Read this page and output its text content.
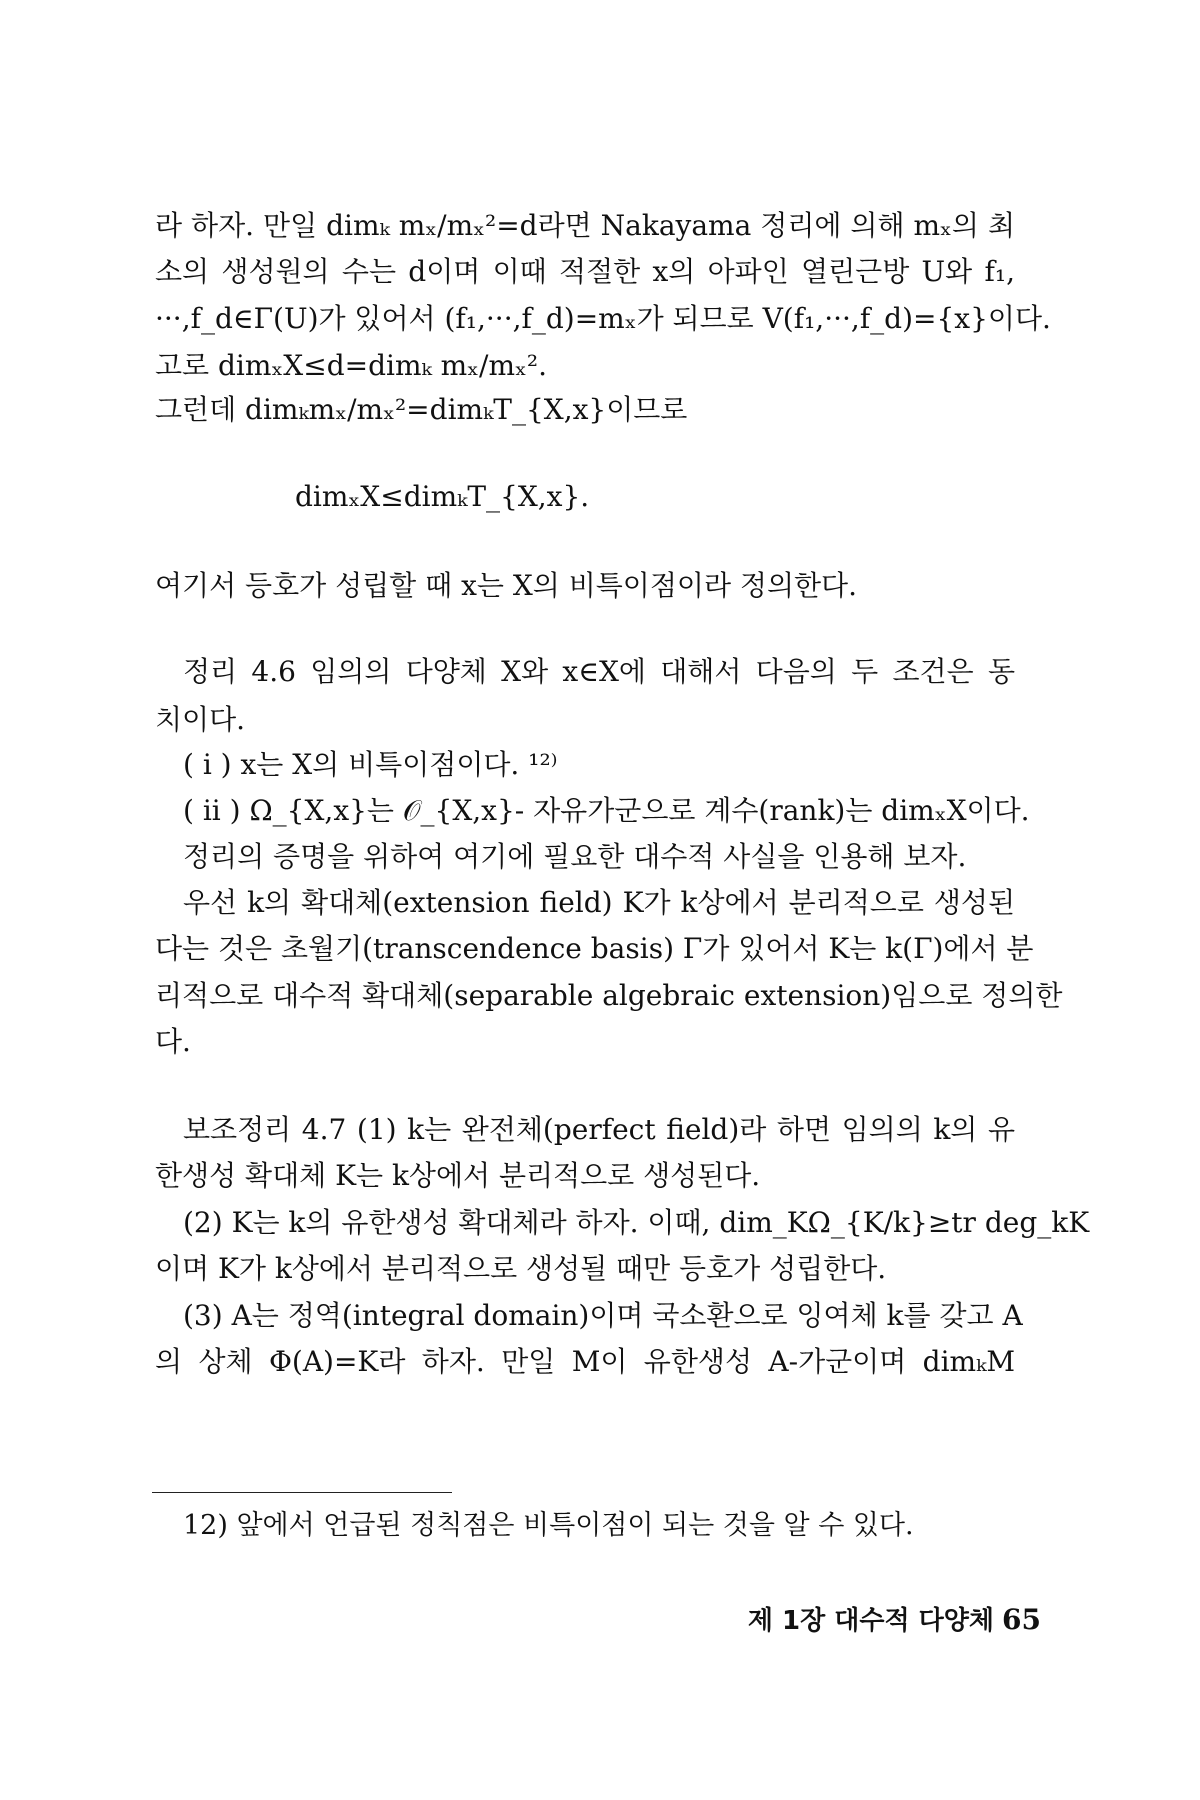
라 하자. 만일 dimₖ mₓ/mₓ²=d라면 Nakayama 정리에 의해 mₓ의 최
소의 생성원의 수는 d이며 이때 적절한 x의 아파인 열린근방 U와 f₁,
···,f_d∈Γ(U)가 있어서 (f₁,···,f_d)=mₓ가 되므로 V(f₁,···,f_d)={x}이다.
고로 dimₓX≤d=dimₖ mₓ/mₓ².
그런데 dimₖmₓ/mₓ²=dimₖT_{X,x}이므로
dimₓX≤dimₖT_{X,x}.
여기서 등호가 성립할 때 x는 X의 비특이점이라 정의한다.
정리 4.6 임의의 다양체 X와 x∈X에 대해서 다음의 두 조건은 동
치이다.
( i ) x는 X의 비특이점이다. ¹²⁾
( ii ) Ω_{X,x}는 𝒪_{X,x}- 자유가군으로 계수(rank)는 dimₓX이다.
정리의 증명을 위하여 여기에 필요한 대수적 사실을 인용해 보자.
우선 k의 확대체(extension field) K가 k상에서 분리적으로 생성된
다는 것은 초월기(transcendence basis) Γ가 있어서 K는 k(Γ)에서 분
리적으로 대수적 확대체(separable algebraic extension)임으로 정의한
다.
보조정리 4.7 (1) k는 완전체(perfect field)라 하면 임의의 k의 유
한생성 확대체 K는 k상에서 분리적으로 생성된다.
(2) K는 k의 유한생성 확대체라 하자. 이때, dim_KΩ_{K/k}≥tr deg_kK
이며 K가 k상에서 분리적으로 생성될 때만 등호가 성립한다.
(3) A는 정역(integral domain)이며 국소환으로 잉여체 k를 갖고 A
의 상체 Φ(A)=K라 하자. 만일 M이 유한생성 A-가군이며 dimₖM
12) 앞에서 언급된 정칙점은 비특이점이 되는 것을 알 수 있다.
제 1장 대수적 다양체 65
